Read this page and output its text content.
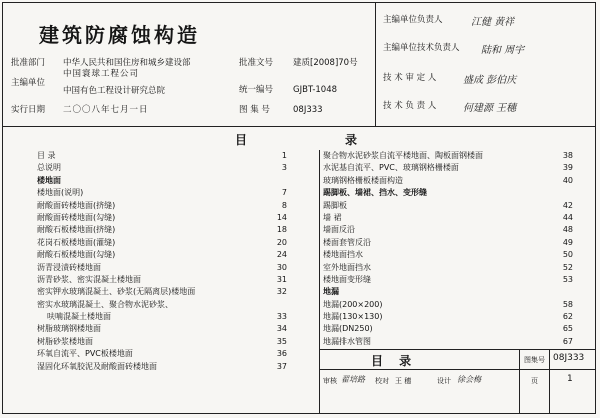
建筑防腐蚀构造
批准部门 中华人民共和国住房和城乡建设部
主编单位
中国寰球工程公司
中国有色工程设计研究总院
实行日期 二〇〇八年七月一日
批准文号 建质[2008]70号
统一编号 GJBT-1048
图 集 号	08J333
主编单位负责人	江健 黄祥
主编单位技术负责人 陆和 周宇
技 术 审 定 人	盛成 彭伯庆
技 术 负 责 人	何建源 王穗
目	录
目 录	1
总说明	3
楼地面
楼地面(说明)	7
耐酸面砖楼地面(挤缝)	8
耐酸面砖楼地面(勾缝)	14
耐酸石板楼地面(挤缝)	18
花岗石板楼地面(灌缝)	20
耐酸石板楼地面(勾缝)	24
沥青浸渍砖楼地面	30
沥青砂浆、密实混凝土楼地面	31
密实钾水玻璃混凝土、砂浆(无隔离层)楼地面	32
密实水玻璃混凝土、聚合物水泥砂浆、
呋喃混凝土楼地面	33
树脂玻璃钢楼地面	34
树脂砂浆楼地面	35
环氧自流平、PVC板楼地面	36
湿固化环氧胶泥及耐酸面砖楼地面	37
聚合物水泥砂浆自流平楼地面、陶板面钢楼面	38
水泥基自流平、PVC、玻璃钢格栅楼面	39
玻璃钢格栅板楼面构造	40
踢脚板、墙裙、挡水、变形缝
踢脚板	42
墙 裙	44
墙面反沿	48
楼面套管反沿	49
楼地面挡水	50
室外地面挡水	52
楼地面变形缝	53
地漏
地漏(200×200)	58
地漏(130×130)	62
地漏(DN250)	65
地漏排水管图	67
目 录	图集号 08J333
审核 翟培路 校对 王 穗	设计 徐会梅	页	1
